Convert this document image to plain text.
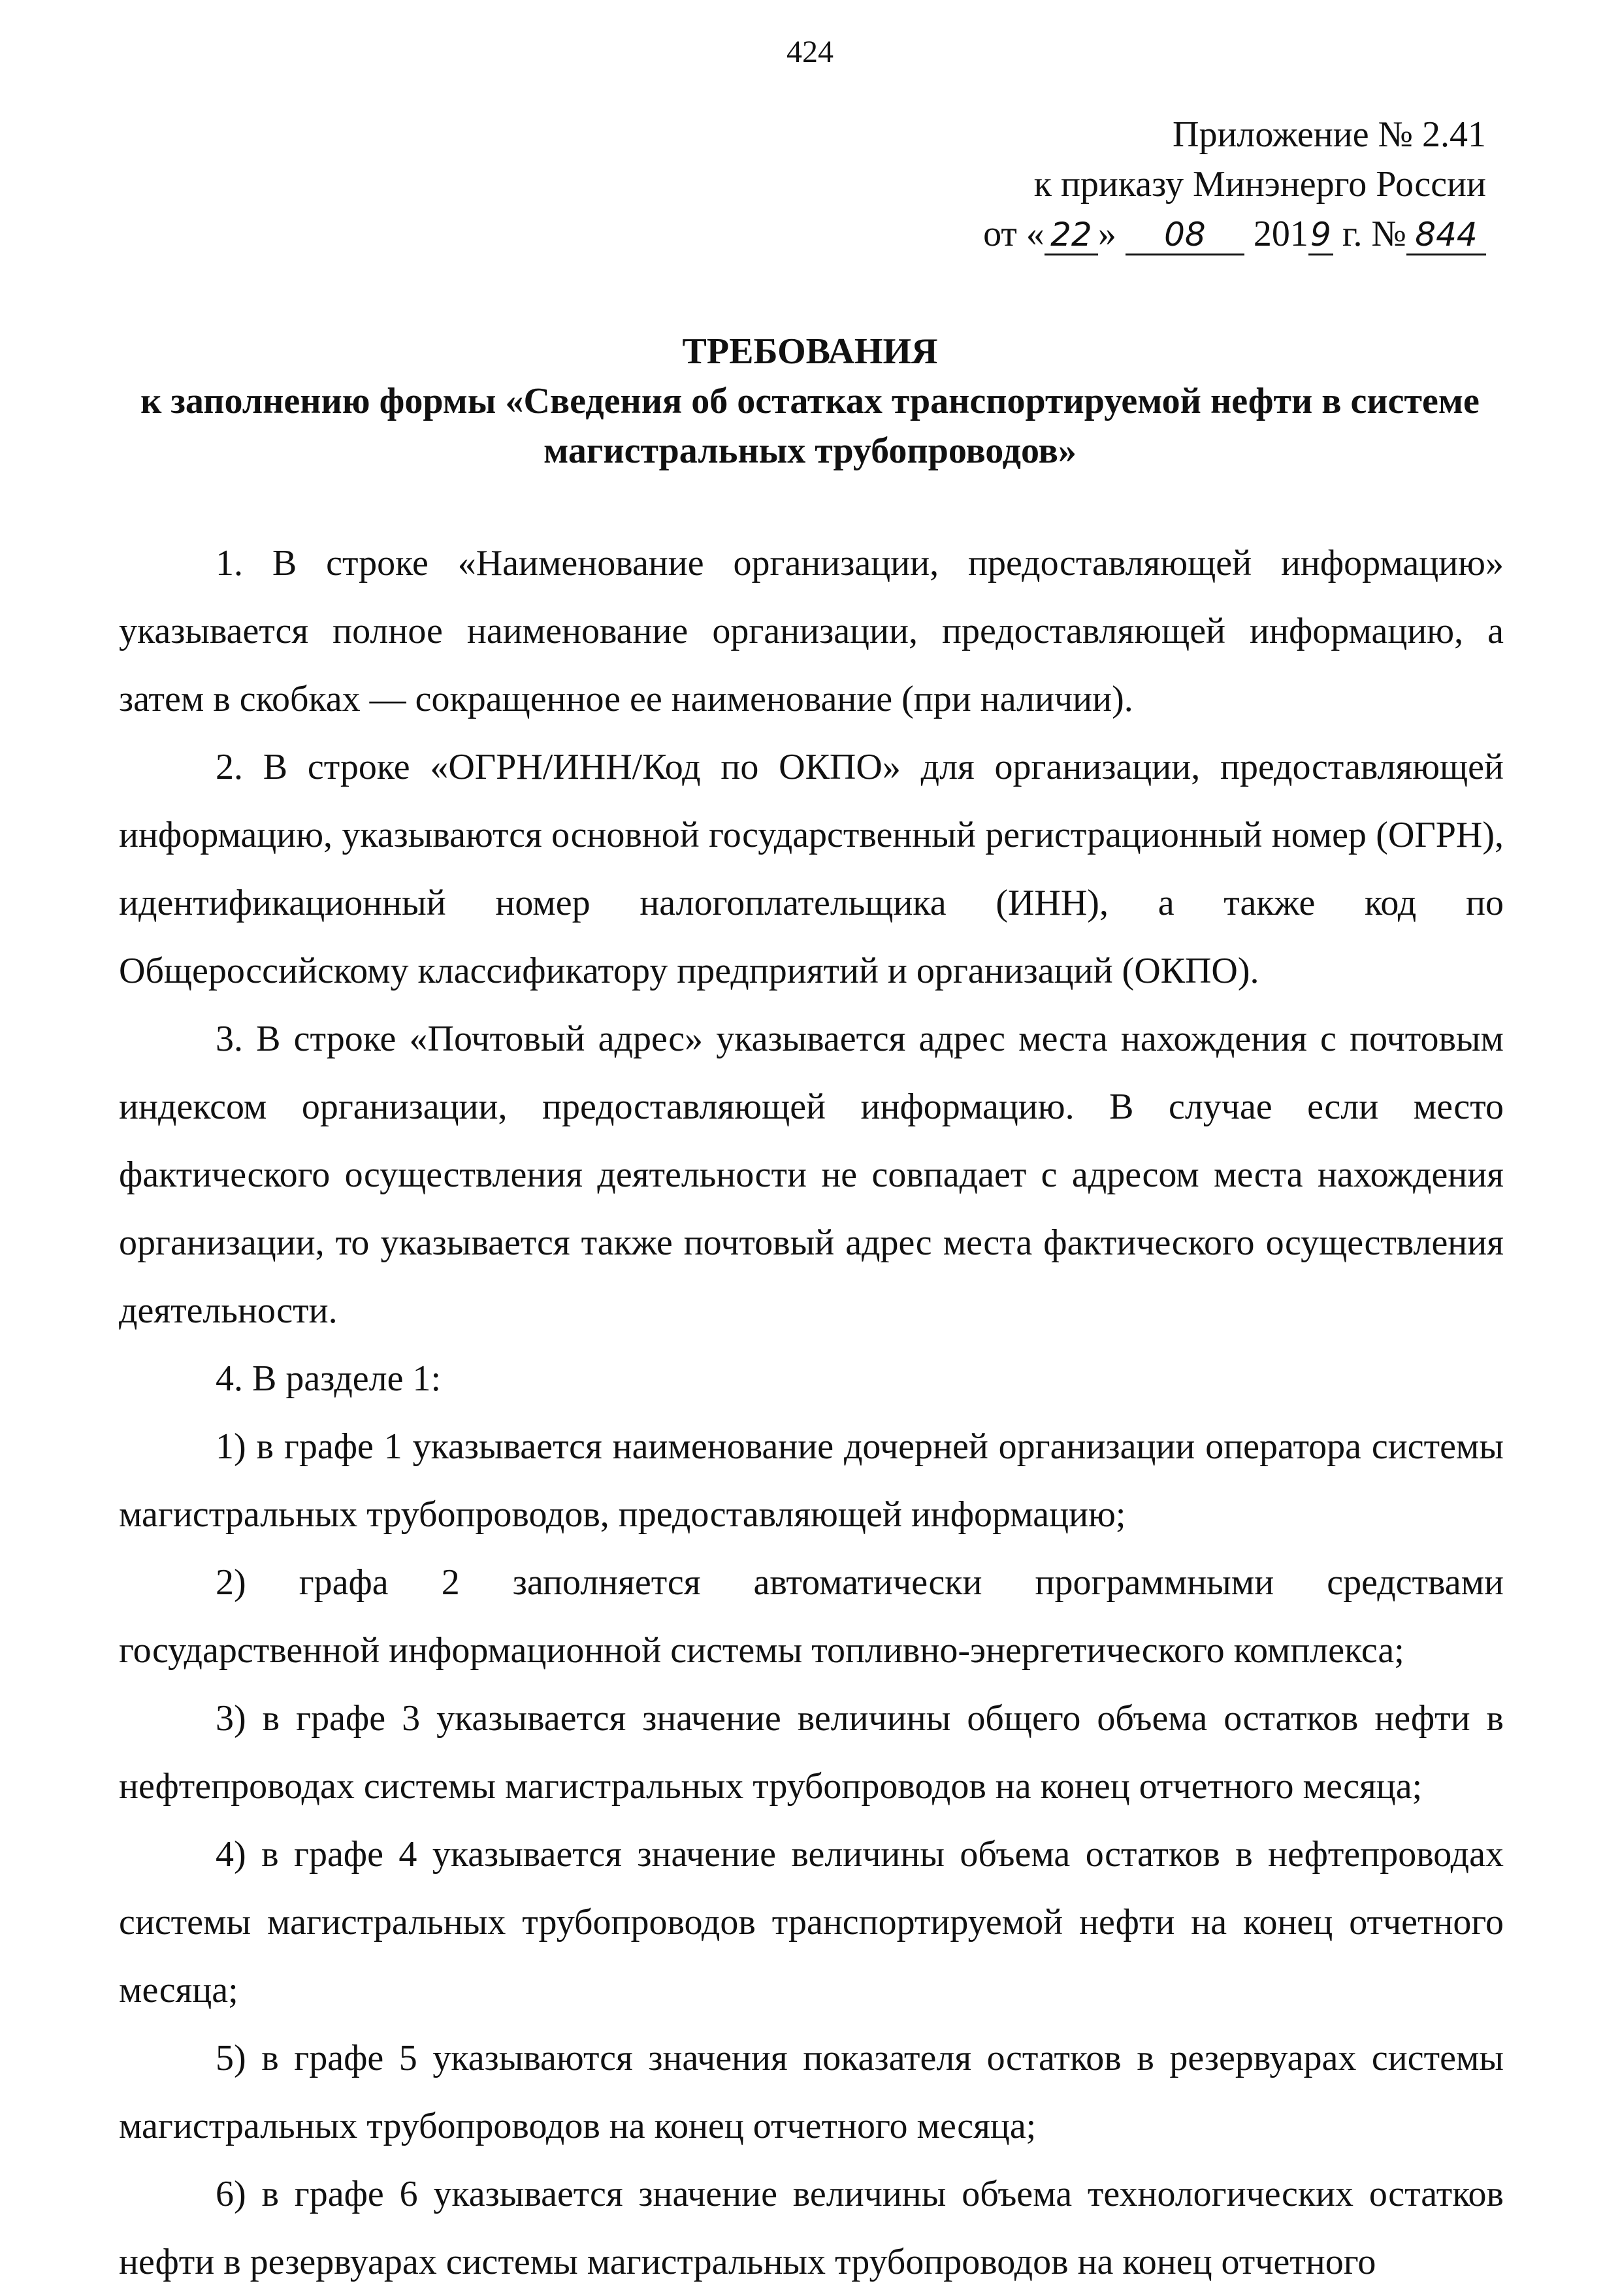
424
Приложение № 2.41
к приказу Минэнерго России
от « 22 » 08 2019 г. № 844
ТРЕБОВАНИЯ
к заполнению формы «Сведения об остатках транспортируемой нефти в системе магистральных трубопроводов»

1. В строке «Наименование организации, предоставляющей информацию» указывается полное наименование организации, предоставляющей информацию, а затем в скобках — сокращенное ее наименование (при наличии).

2. В строке «ОГРН/ИНН/Код по ОКПО» для организации, предоставляющей информацию, указываются основной государственный регистрационный номер (ОГРН), идентификационный номер налогоплательщика (ИНН), а также код по Общероссийскому классификатору предприятий и организаций (ОКПО).

3. В строке «Почтовый адрес» указывается адрес места нахождения с почтовым индексом организации, предоставляющей информацию. В случае если место фактического осуществления деятельности не совпадает с адресом места нахождения организации, то указывается также почтовый адрес места фактического осуществления деятельности.

4. В разделе 1:

1) в графе 1 указывается наименование дочерней организации оператора системы магистральных трубопроводов, предоставляющей информацию;

2) графа 2 заполняется автоматически программными средствами государственной информационной системы топливно-энергетического комплекса;

3) в графе 3 указывается значение величины общего объема остатков нефти в нефтепроводах системы магистральных трубопроводов на конец отчетного месяца;

4) в графе 4 указывается значение величины объема остатков в нефтепроводах системы магистральных трубопроводов транспортируемой нефти на конец отчетного месяца;

5) в графе 5 указываются значения показателя остатков в резервуарах системы магистральных трубопроводов на конец отчетного месяца;

6) в графе 6 указывается значение величины объема технологических остатков нефти в резервуарах системы магистральных трубопроводов на конец отчетного
